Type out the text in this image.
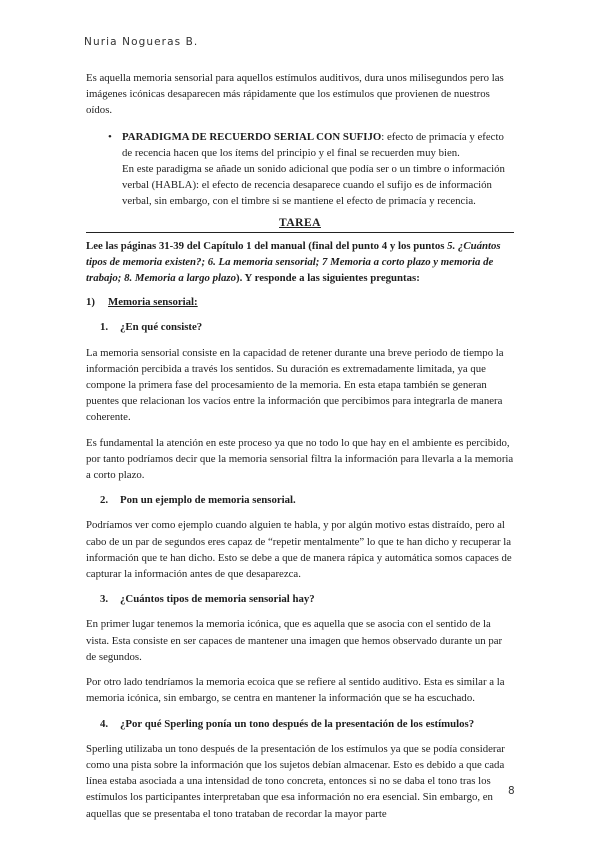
Nuria Nogueras B.

Es aquella memoria sensorial para aquellos estímulos auditivos, dura unos milisegundos pero las imágenes icónicas desaparecen más rápidamente que los estímulos que provienen de nuestros oídos.

• PARADIGMA DE RECUERDO SERIAL CON SUFIJO: efecto de primacía y efecto de recencia hacen que los ítems del principio y el final se recuerden muy bien.

En este paradigma se añade un sonido adicional que podía ser o un timbre o información verbal (HABLA): el efecto de recencia desaparece cuando el sufijo es de información verbal, sin embargo, con el timbre si se mantiene el efecto de primacía y recencia.

TAREA

Lee las páginas 31-39 del Capítulo 1 del manual (final del punto 4 y los puntos 5. ¿Cuántos tipos de memoria existen?; 6. La memoria sensorial; 7 Memoria a corto plazo y memoria de trabajo; 8. Memoria a largo plazo). Y responde a las siguientes preguntas:

1)	Memoria sensorial:
1.	¿En qué consiste?

La memoria sensorial consiste en la capacidad de retener durante una breve periodo de tiempo la información percibida a través los sentidos. Su duración es extremadamente limitada, ya que compone la primera fase del procesamiento de la memoria. En esta etapa también se generan puentes que relacionan los vacíos entre la información que percibimos para integrarla de manera coherente.

Es fundamental la atención en este proceso ya que no todo lo que hay en el ambiente es percibido, por tanto podríamos decir que la memoria sensorial filtra la información para llevarla a la memoria a corto plazo.

2.	Pon un ejemplo de memoria sensorial.

Podríamos ver como ejemplo cuando alguien te habla, y por algún motivo estas distraído, pero al cabo de un par de segundos eres capaz de “repetir mentalmente” lo que te han dicho y recuperar la información que te han dicho. Esto se debe a que de manera rápica y automática somos capaces de capturar la información antes de que desaparezca.

3.	¿Cuántos tipos de memoria sensorial hay?

En primer lugar tenemos la memoria icónica, que es aquella que se asocia con el sentido de la vista. Esta consiste en ser capaces de mantener una imagen que hemos observado durante un par de segundos.

Por otro lado tendríamos la memoria ecoica que se refiere al sentido auditivo. Esta es similar a la memoria icónica, sin embargo, se centra en mantener la información que se ha escuchado.

4.	¿Por qué Sperling ponía un tono después de la presentación de los estímulos?

Sperling utilizaba un tono después de la presentación de los estímulos ya que se podía considerar como una pista sobre la información que los sujetos debían almacenar. Esto es debido a que cada línea estaba asociada a una intensidad de tono concreta, entonces si no se daba el tono tras los estímulos los participantes interpretaban que esa información no era esencial. Sin embargo, en aquellas que se presentaba el tono trataban de recordar la mayor parte

8
